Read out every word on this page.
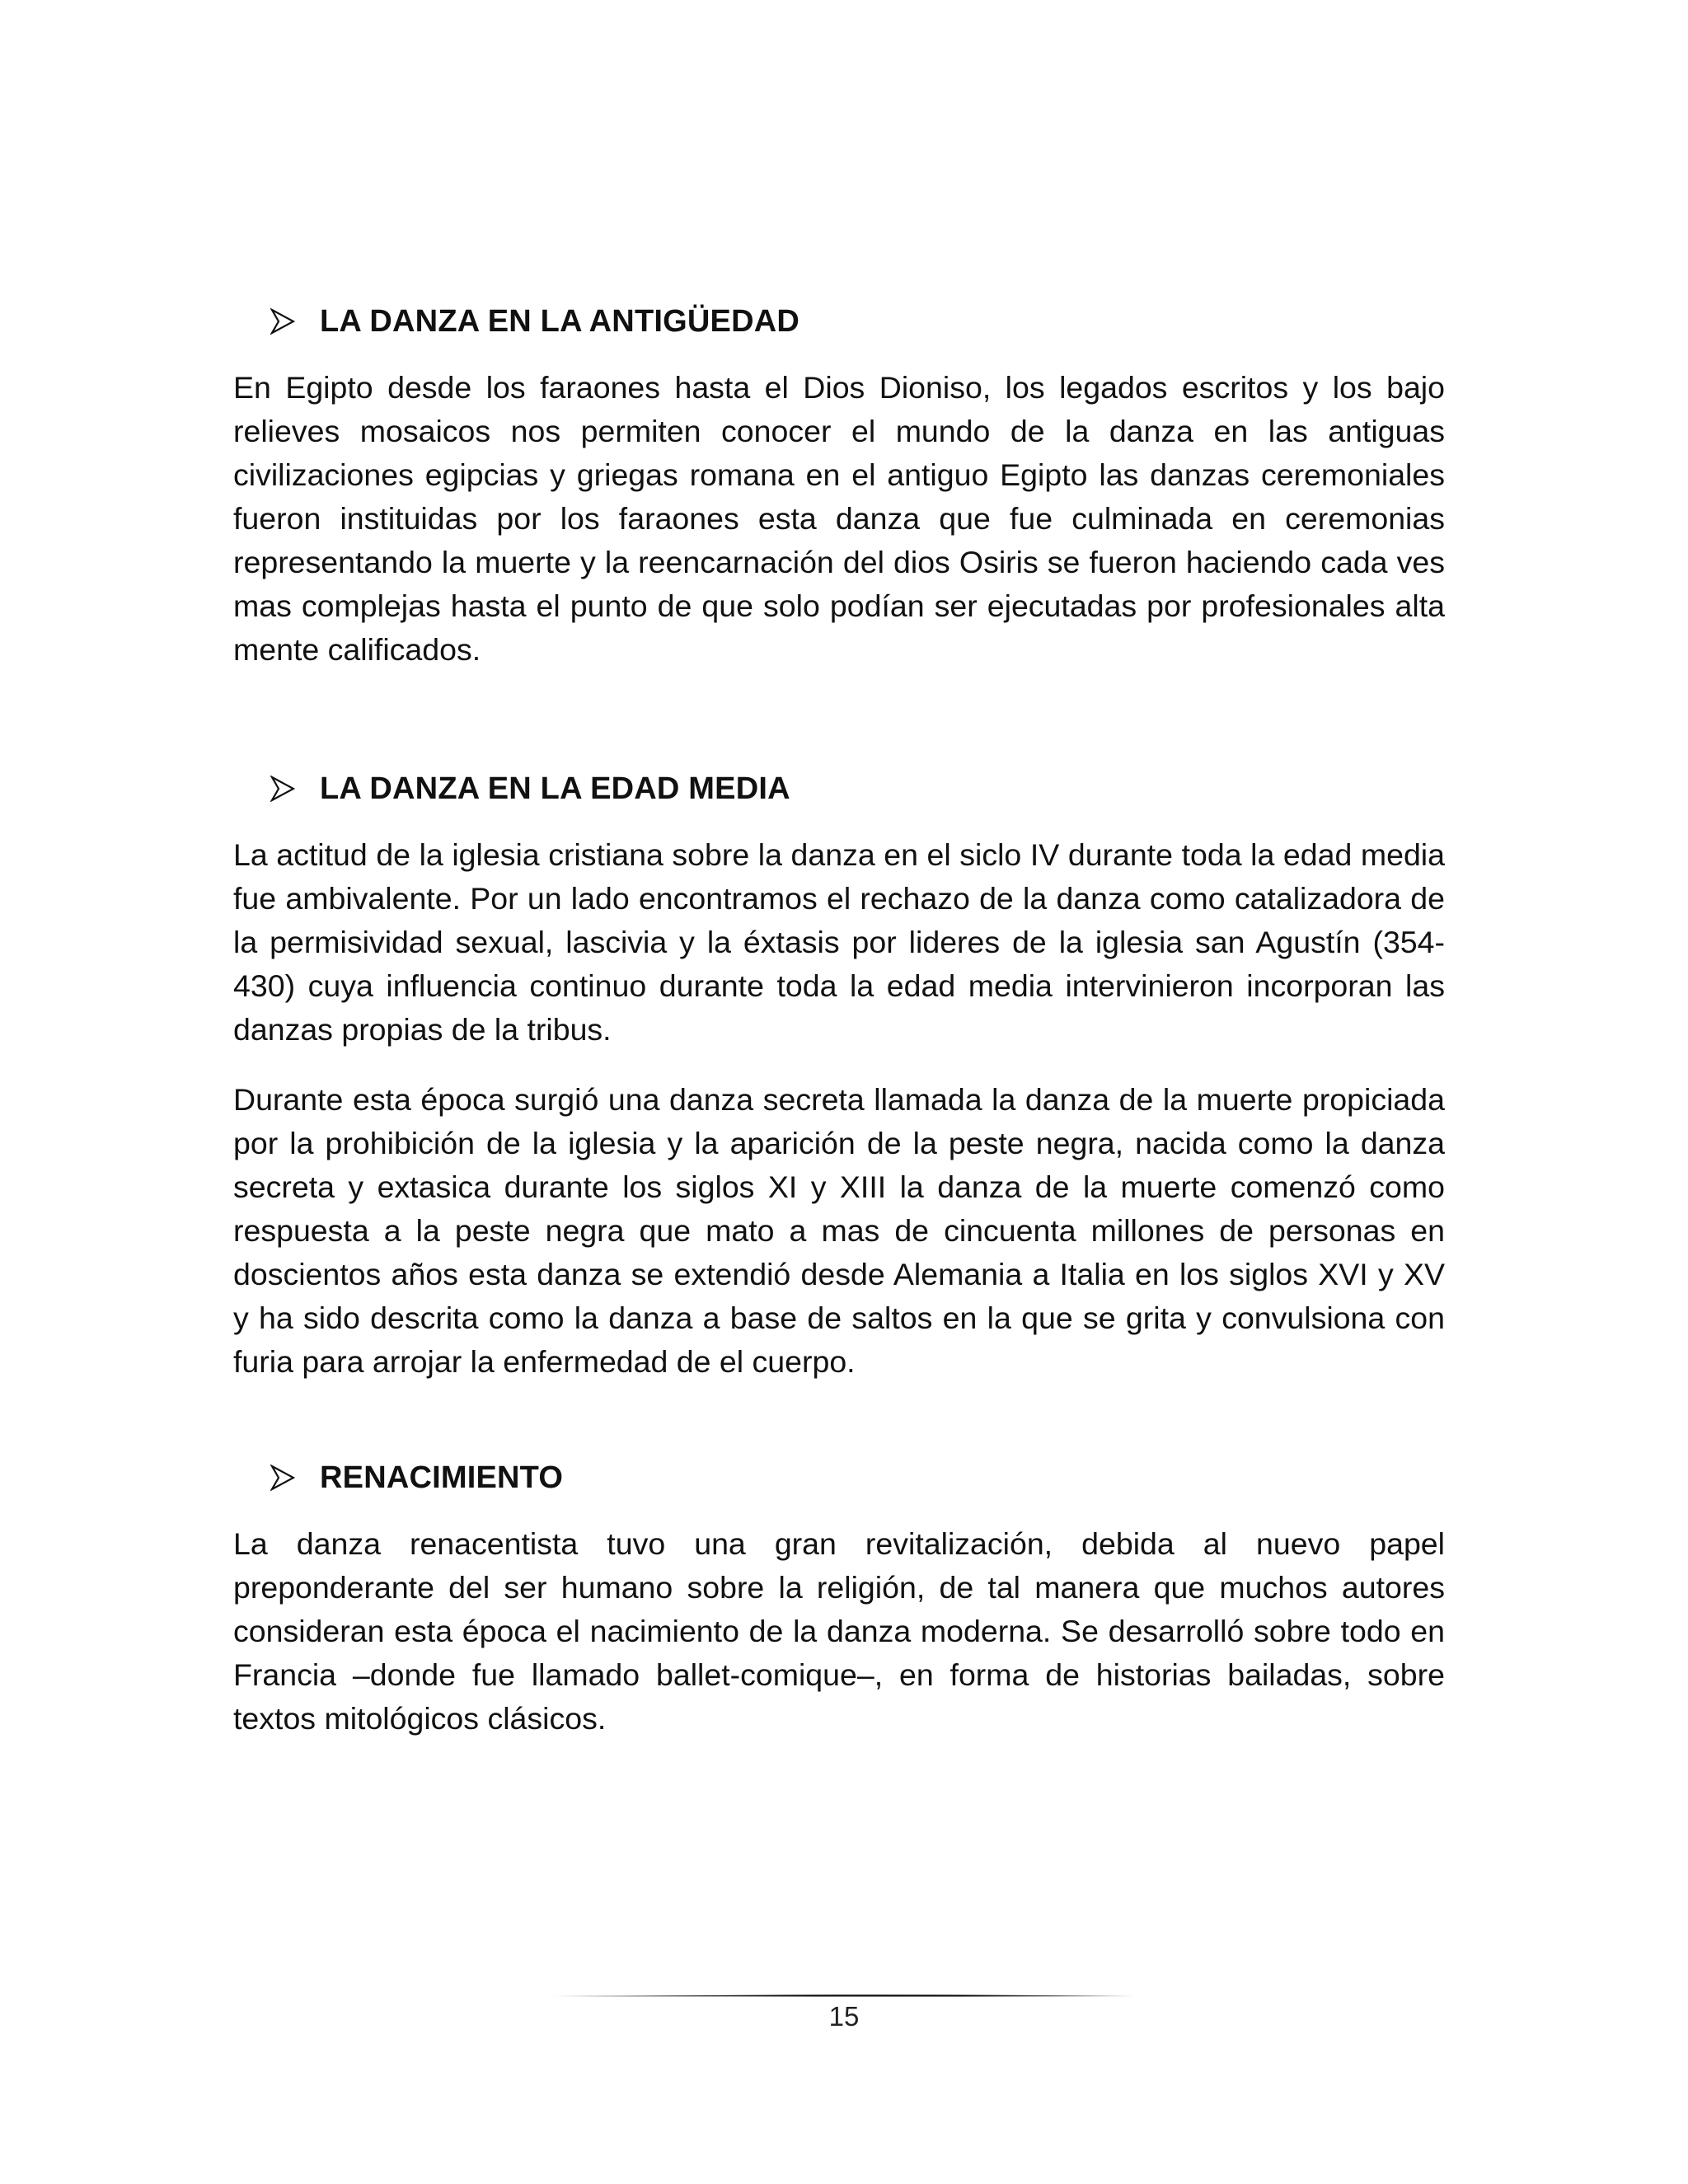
LA DANZA EN LA ANTIGÜEDAD

En Egipto desde los faraones hasta el Dios Dioniso, los legados escritos y los bajo relieves mosaicos nos permiten conocer el mundo de la danza en las antiguas civilizaciones egipcias y griegas romana en el antiguo Egipto las danzas ceremoniales fueron instituidas por los faraones esta danza que fue culminada en ceremonias representando la muerte y la reencarnación del dios Osiris se fueron haciendo cada ves mas complejas hasta el punto de que solo podían ser ejecutadas por profesionales alta mente calificados.

LA DANZA EN LA EDAD MEDIA

La actitud de la iglesia cristiana sobre la danza en el siclo IV durante toda la edad media fue ambivalente. Por un lado encontramos el rechazo de la danza como catalizadora de la permisividad sexual, lascivia y la éxtasis por lideres de la iglesia san Agustín (354-430) cuya influencia continuo durante toda la edad media intervinieron incorporan las danzas propias de la tribus.

Durante esta época surgió una danza secreta llamada la danza de la muerte propiciada por la prohibición de la iglesia y la aparición de la peste negra, nacida como la danza secreta y extasica durante los siglos XI y XIII la danza de la muerte comenzó como respuesta a la peste negra que mato a mas de cincuenta millones de personas en doscientos años esta danza se extendió desde Alemania a Italia en los siglos XVI y XV y ha sido descrita como la danza a base de saltos en la que se grita y convulsiona con furia para arrojar la enfermedad de el cuerpo.

RENACIMIENTO

La danza renacentista tuvo una gran revitalización, debida al nuevo papel preponderante del ser humano sobre la religión, de tal manera que muchos autores consideran esta época el nacimiento de la danza moderna. Se desarrolló sobre todo en Francia –donde fue llamado ballet-comique–, en forma de historias bailadas, sobre textos mitológicos clásicos.

15
